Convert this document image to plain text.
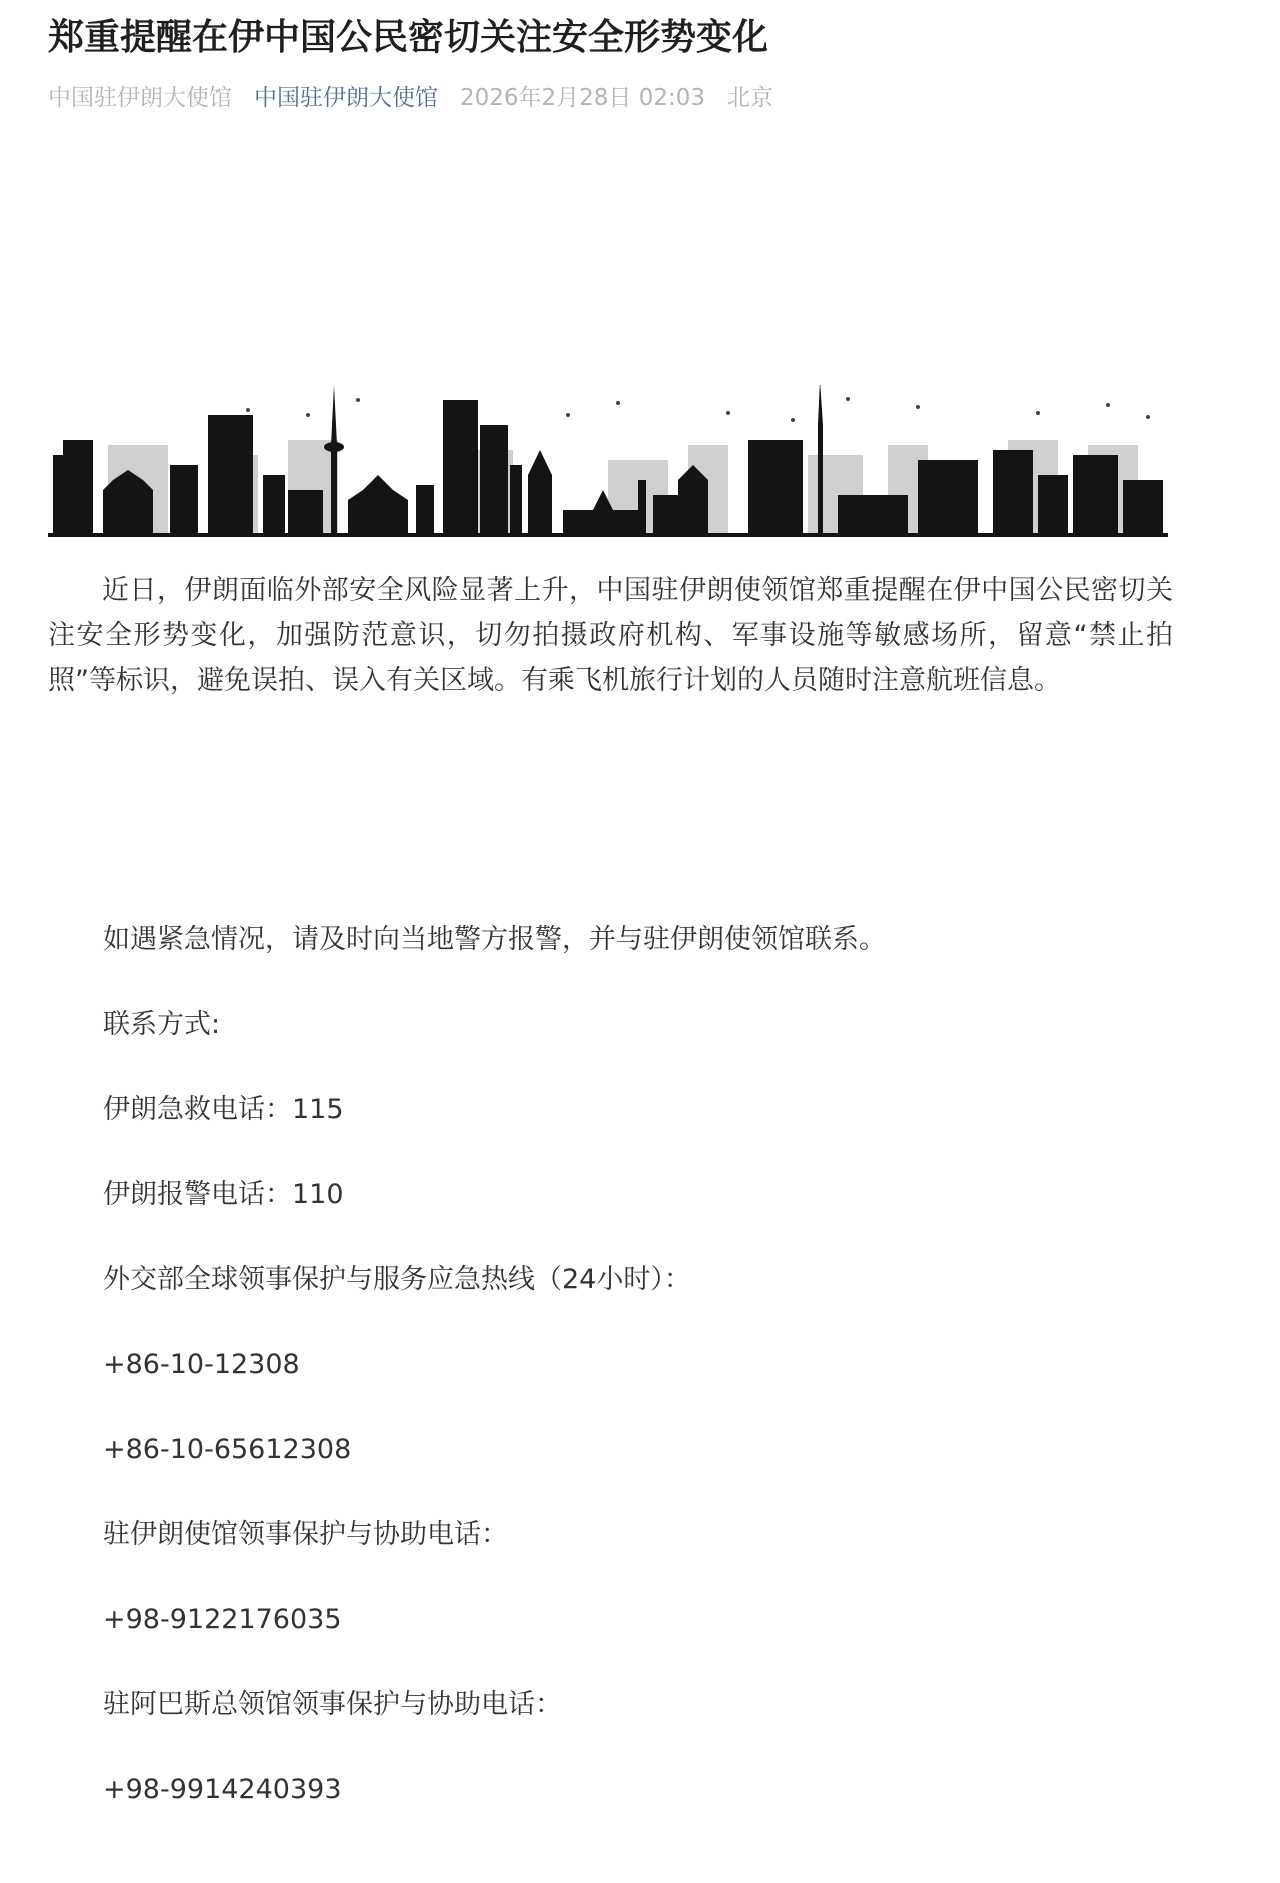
郑重提醒在伊中国公民密切关注安全形势变化
中国驻伊朗大使馆 中国驻伊朗大使馆 2026年2月28日 02:03 北京

近日，伊朗面临外部安全风险显著上升，中国驻伊朗使领馆郑重提醒在伊中国公民密切关注安全形势变化，加强防范意识，切勿拍摄政府机构、军事设施等敏感场所，留意“禁止拍照”等标识，避免误拍、误入有关区域。有乘飞机旅行计划的人员随时注意航班信息。

如遇紧急情况，请及时向当地警方报警，并与驻伊朗使领馆联系。

联系方式:

伊朗急救电话：115

伊朗报警电话：110

外交部全球领事保护与服务应急热线（24小时）：

+86-10-12308

+86-10-65612308

驻伊朗使馆领事保护与协助电话：

+98-9122176035

驻阿巴斯总领馆领事保护与协助电话：

+98-9914240393
